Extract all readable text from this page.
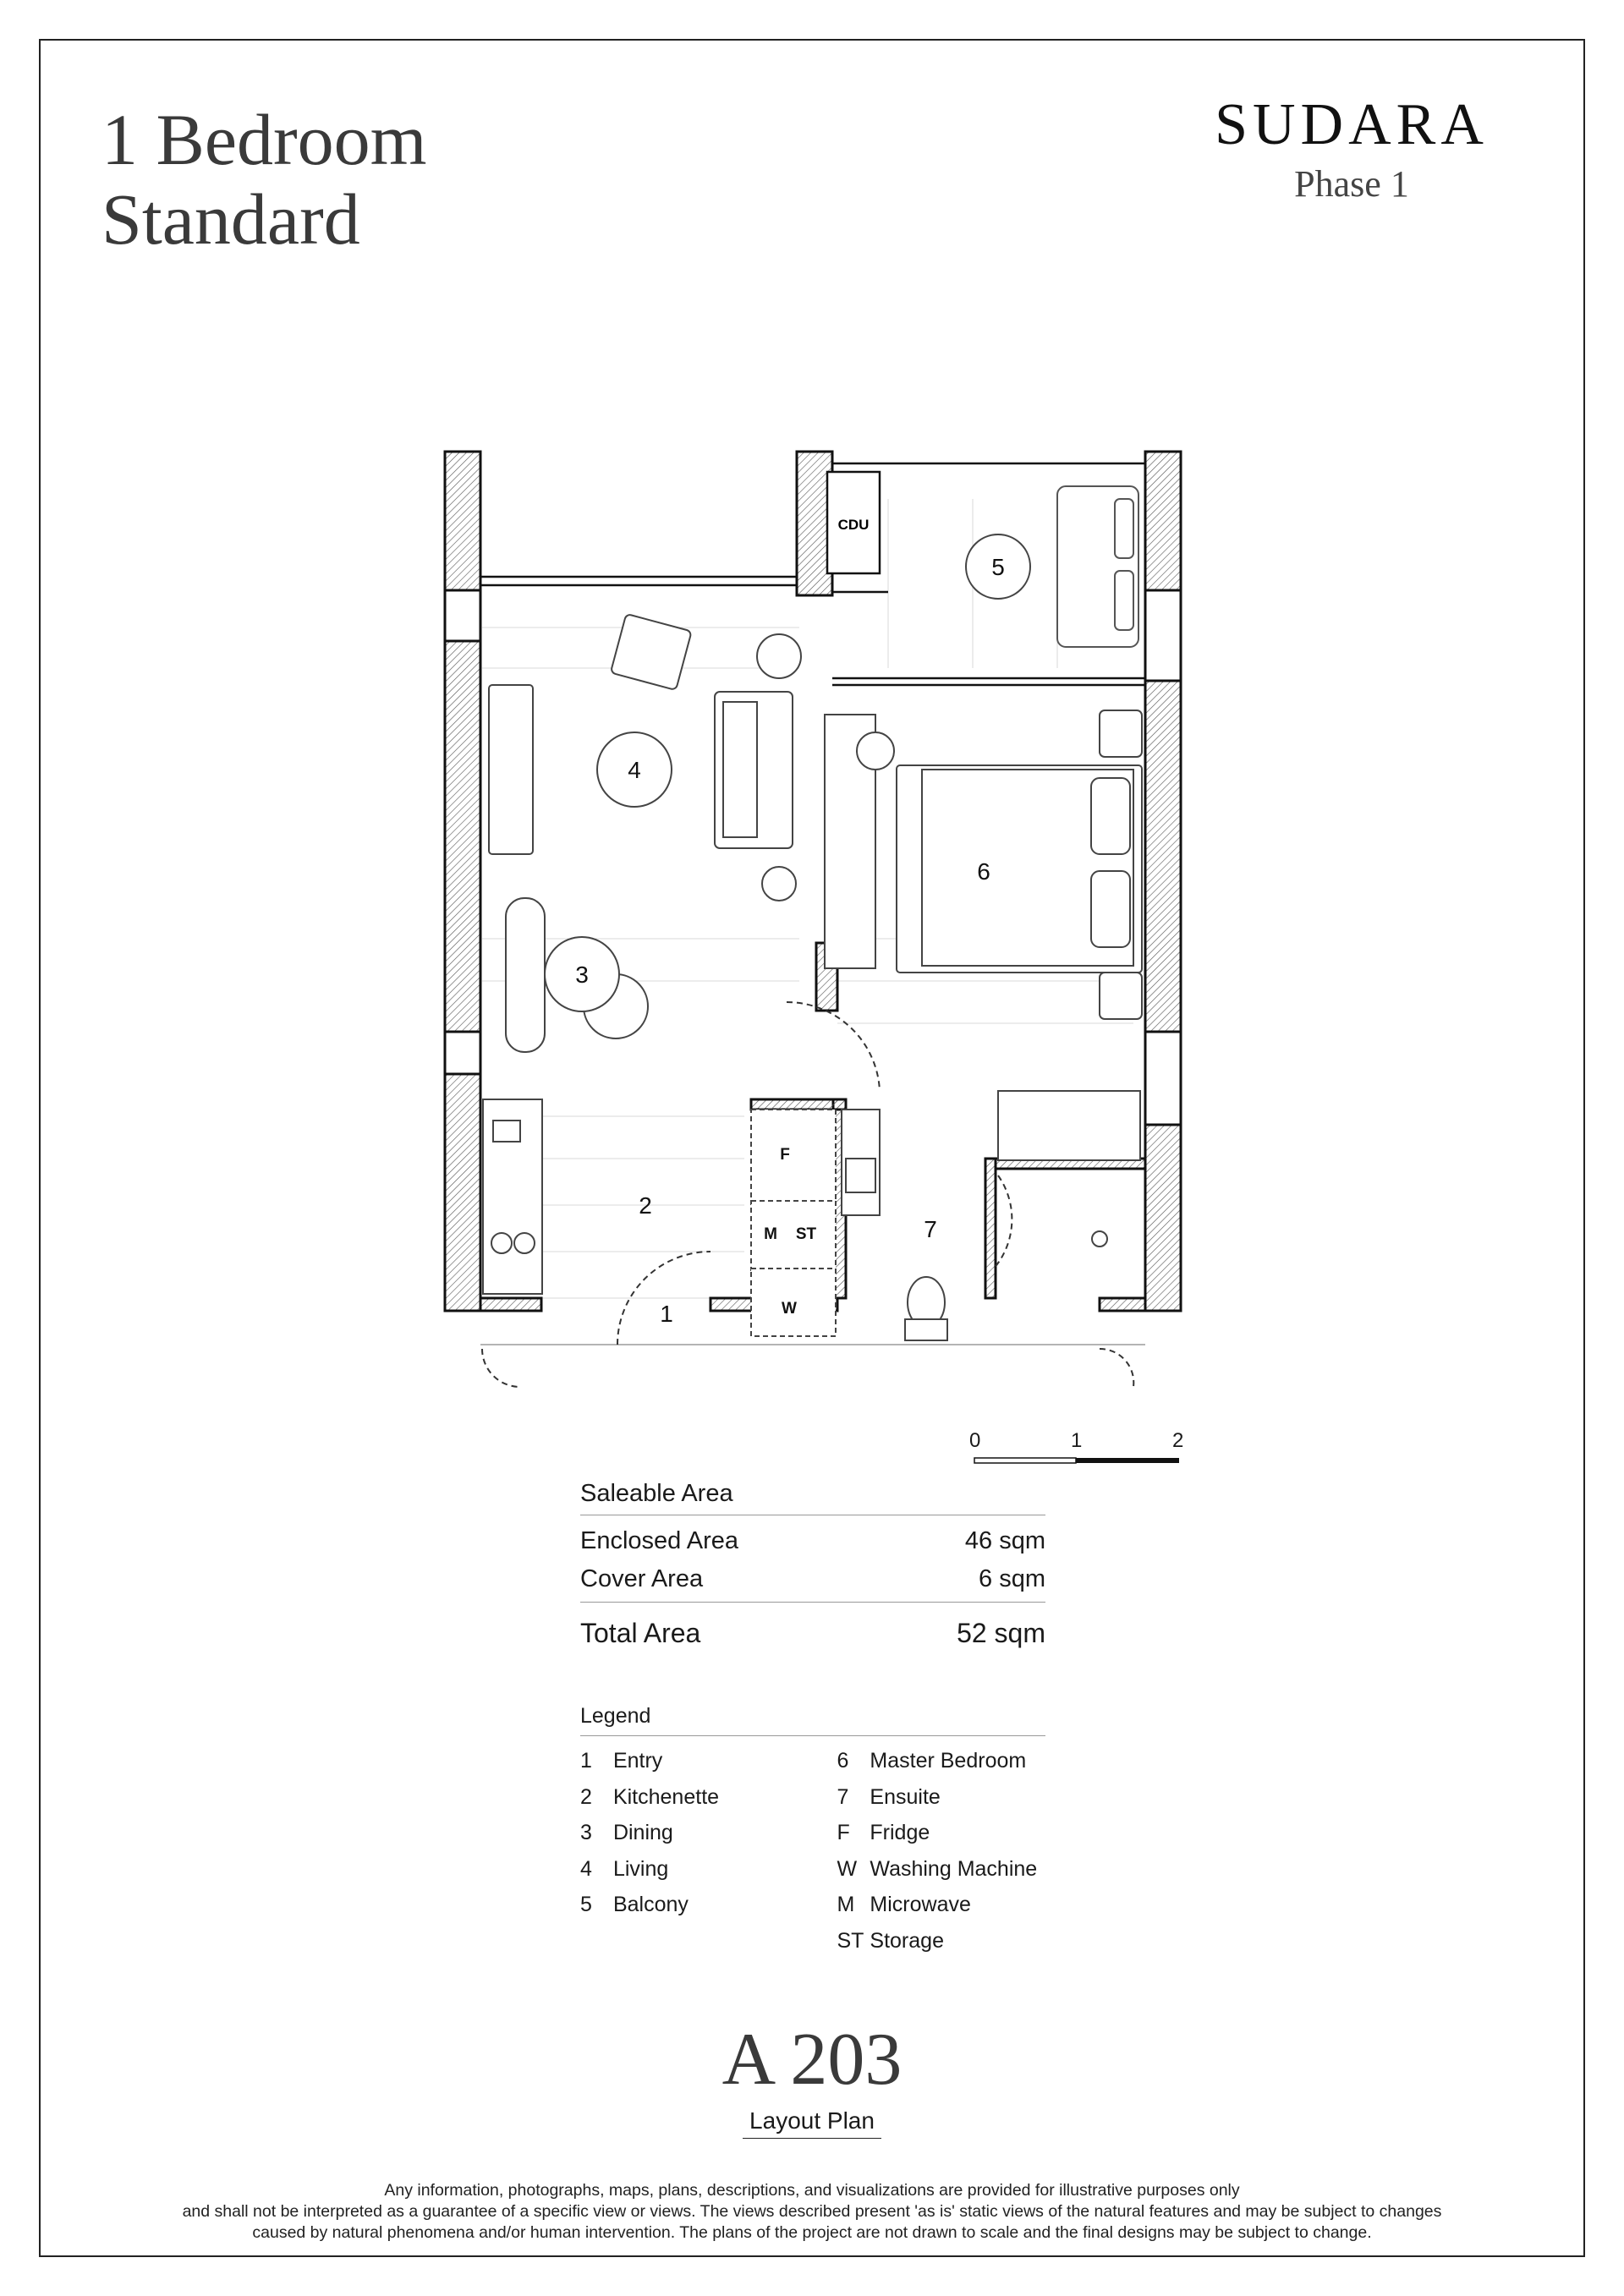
1 Bedroom
Standard
SUDARA
Phase 1
CDU
F
M ST
W
5
4
3
6
2
1
7
0	1	2
Saleable Area
Enclosed Area	46 sqm
Cover Area	6 sqm
Total Area	52 sqm
Legend
1 Entry
2 Kitchenette
3 Dining
4 Living
5 Balcony
6 Master Bedroom
7 Ensuite
F Fridge
W Washing Machine
M Microwave
ST Storage
A 203
Layout Plan
Any information, photographs, maps, plans, descriptions, and visualizations are provided for illustrative purposes only
and shall not be interpreted as a guarantee of a specific view or views. The views described present 'as is' static views of the natural features and may be subject to changes
caused by natural phenomena and/or human intervention. The plans of the project are not drawn to scale and the final designs may be subject to change.
